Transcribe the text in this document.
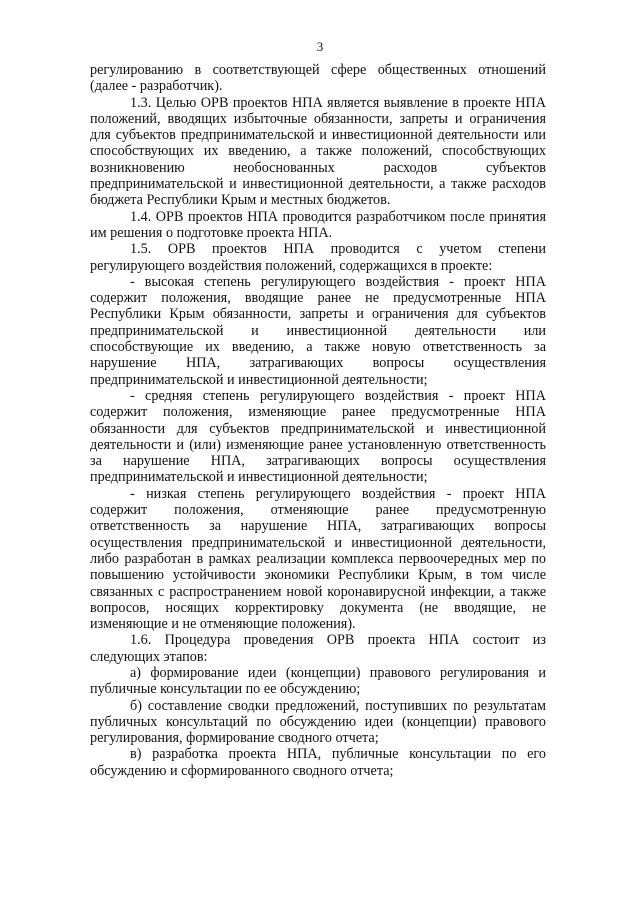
3

регулированию в соответствующей сфере общественных отношений (далее - разработчик).

1.3. Целью ОРВ проектов НПА является выявление в проекте НПА положений, вводящих избыточные обязанности, запреты и ограничения для субъектов предпринимательской и инвестиционной деятельности или способствующих их введению, а также положений, способствующих возникновению необоснованных расходов субъектов предпринимательской и инвестиционной деятельности, а также расходов бюджета Республики Крым и местных бюджетов.

1.4. ОРВ проектов НПА проводится разработчиком после принятия им решения о подготовке проекта НПА.

1.5. ОРВ проектов НПА проводится с учетом степени регулирующего воздействия положений, содержащихся в проекте:

- высокая степень регулирующего воздействия - проект НПА содержит положения, вводящие ранее не предусмотренные НПА Республики Крым обязанности, запреты и ограничения для субъектов предпринимательской и инвестиционной деятельности или способствующие их введению, а также новую ответственность за нарушение НПА, затрагивающих вопросы осуществления предпринимательской и инвестиционной деятельности;

- средняя степень регулирующего воздействия - проект НПА содержит положения, изменяющие ранее предусмотренные НПА обязанности для субъектов предпринимательской и инвестиционной деятельности и (или) изменяющие ранее установленную ответственность за нарушение НПА, затрагивающих вопросы осуществления предпринимательской и инвестиционной деятельности;

- низкая степень регулирующего воздействия - проект НПА содержит положения, отменяющие ранее предусмотренную ответственность за нарушение НПА, затрагивающих вопросы осуществления предпринимательской и инвестиционной деятельности, либо разработан в рамках реализации комплекса первоочередных мер по повышению устойчивости экономики Республики Крым, в том числе связанных с распространением новой коронавирусной инфекции, а также вопросов, носящих корректировку документа (не вводящие, не изменяющие и не отменяющие положения).

1.6. Процедура проведения ОРВ проекта НПА состоит из следующих этапов:

а) формирование идеи (концепции) правового регулирования и публичные консультации по ее обсуждению;

б) составление сводки предложений, поступивших по результатам публичных консультаций по обсуждению идеи (концепции) правового регулирования, формирование сводного отчета;

в) разработка проекта НПА, публичные консультации по его обсуждению и сформированного сводного отчета;
